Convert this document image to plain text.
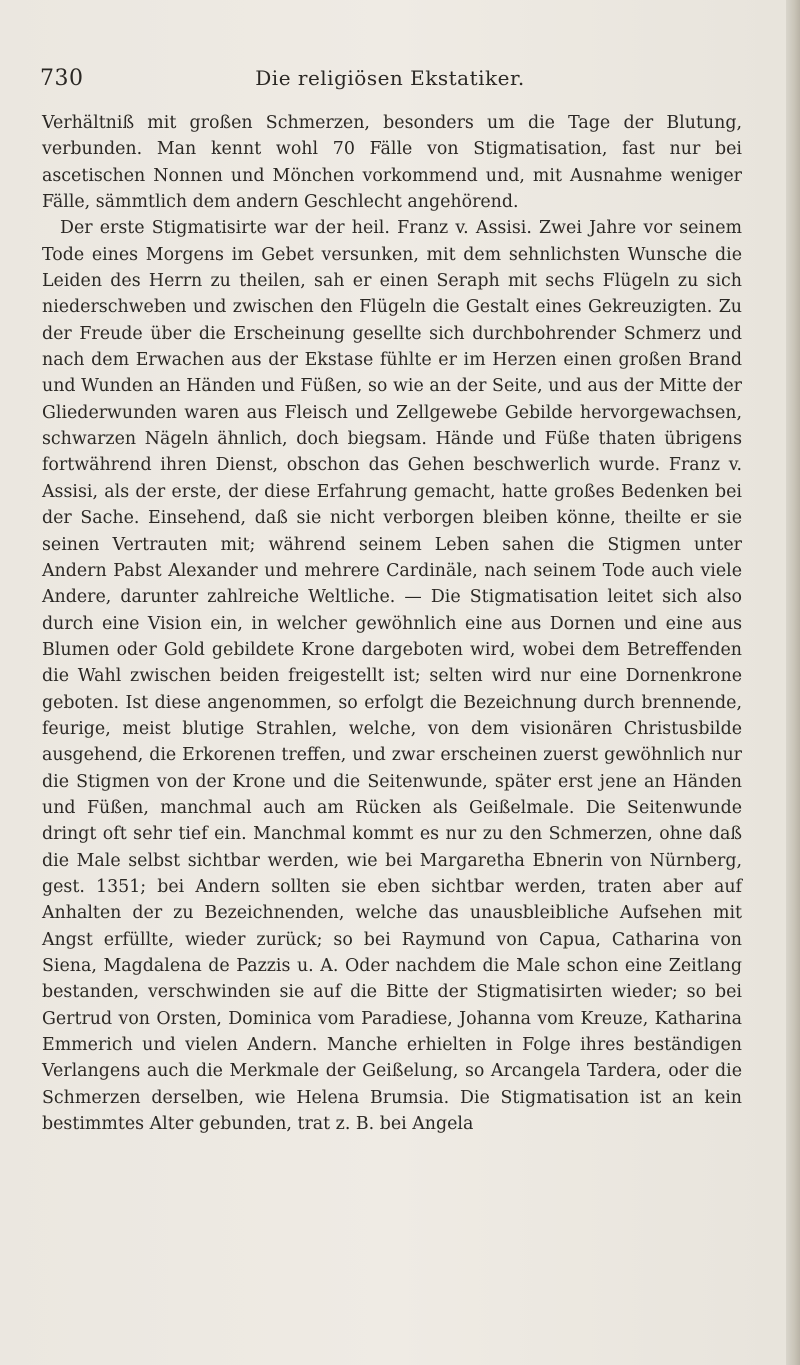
730	Die religiösen Ekstatiker.

Verhältniß mit großen Schmerzen, besonders um die Tage der Blutung, verbunden. Man kennt wohl 70 Fälle von Stigmatisation, fast nur bei ascetischen Nonnen und Mönchen vorkommend und, mit Ausnahme weniger Fälle, sämmtlich dem andern Geschlecht angehörend.

Der erste Stigmatisirte war der heil. Franz v. Assisi. Zwei Jahre vor seinem Tode eines Morgens im Gebet versunken, mit dem sehnlichsten Wunsche die Leiden des Herrn zu theilen, sah er einen Seraph mit sechs Flügeln zu sich niederschweben und zwischen den Flügeln die Gestalt eines Gekreuzigten. Zu der Freude über die Erscheinung gesellte sich durchbohrender Schmerz und nach dem Erwachen aus der Ekstase fühlte er im Herzen einen großen Brand und Wunden an Händen und Füßen, so wie an der Seite, und aus der Mitte der Gliederwunden waren aus Fleisch und Zellgewebe Gebilde hervorgewachsen, schwarzen Nägeln ähnlich, doch biegsam. Hände und Füße thaten übrigens fortwährend ihren Dienst, obschon das Gehen beschwerlich wurde. Franz v. Assisi, als der erste, der diese Erfahrung gemacht, hatte großes Bedenken bei der Sache. Einsehend, daß sie nicht verborgen bleiben könne, theilte er sie seinen Vertrauten mit; während seinem Leben sahen die Stigmen unter Andern Pabst Alexander und mehrere Cardinäle, nach seinem Tode auch viele Andere, darunter zahlreiche Weltliche. — Die Stigmatisation leitet sich also durch eine Vision ein, in welcher gewöhnlich eine aus Dornen und eine aus Blumen oder Gold gebildete Krone dargeboten wird, wobei dem Betreffenden die Wahl zwischen beiden freigestellt ist; selten wird nur eine Dornenkrone geboten. Ist diese angenommen, so erfolgt die Bezeichnung durch brennende, feurige, meist blutige Strahlen, welche, von dem visionären Christusbilde ausgehend, die Erkorenen treffen, und zwar erscheinen zuerst gewöhnlich nur die Stigmen von der Krone und die Seitenwunde, später erst jene an Händen und Füßen, manchmal auch am Rücken als Geißelmale. Die Seitenwunde dringt oft sehr tief ein. Manchmal kommt es nur zu den Schmerzen, ohne daß die Male selbst sichtbar werden, wie bei Margaretha Ebnerin von Nürnberg, gest. 1351; bei Andern sollten sie eben sichtbar werden, traten aber auf Anhalten der zu Bezeichnenden, welche das unausbleibliche Aufsehen mit Angst erfüllte, wieder zurück; so bei Raymund von Capua, Catharina von Siena, Magdalena de Pazzis u. A. Oder nachdem die Male schon eine Zeitlang bestanden, verschwinden sie auf die Bitte der Stigmatisirten wieder; so bei Gertrud von Orsten, Dominica vom Paradiese, Johanna vom Kreuze, Katharina Emmerich und vielen Andern. Manche erhielten in Folge ihres beständigen Verlangens auch die Merkmale der Geißelung, so Arcangela Tardera, oder die Schmerzen derselben, wie Helena Brumsia. Die Stigmatisation ist an kein bestimmtes Alter gebunden, trat z. B. bei Angela
